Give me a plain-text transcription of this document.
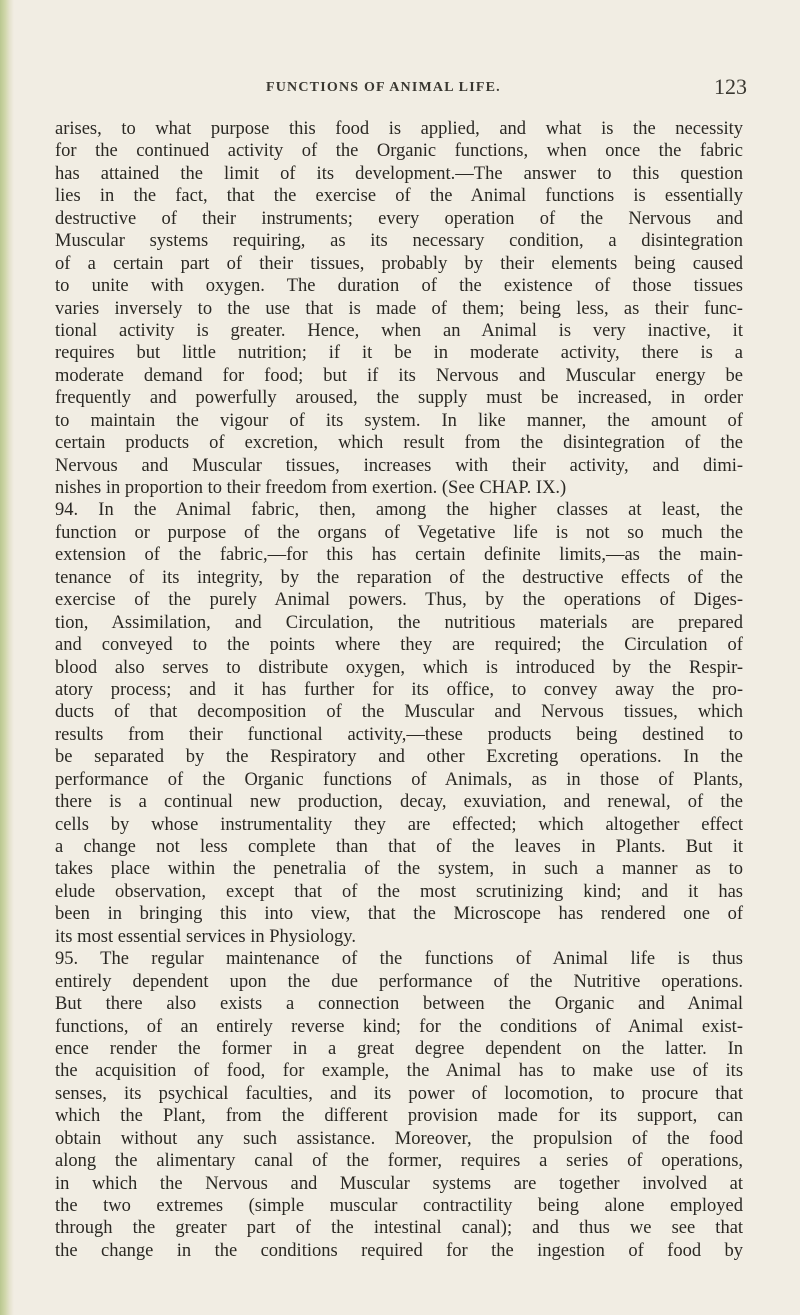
FUNCTIONS OF ANIMAL LIFE.	123
arises, to what purpose this food is applied, and what is the necessity
for the continued activity of the Organic functions, when once the fabric
has attained the limit of its development.—The answer to this question
lies in the fact, that the exercise of the Animal functions is essentially
destructive of their instruments; every operation of the Nervous and
Muscular systems requiring, as its necessary condition, a disintegration
of a certain part of their tissues, probably by their elements being caused
to unite with oxygen. The duration of the existence of those tissues
varies inversely to the use that is made of them; being less, as their func-
tional activity is greater. Hence, when an Animal is very inactive, it
requires but little nutrition; if it be in moderate activity, there is a
moderate demand for food; but if its Nervous and Muscular energy be
frequently and powerfully aroused, the supply must be increased, in order
to maintain the vigour of its system. In like manner, the amount of
certain products of excretion, which result from the disintegration of the
Nervous and Muscular tissues, increases with their activity, and dimi-
nishes in proportion to their freedom from exertion. (See CHAP. IX.)
94. In the Animal fabric, then, among the higher classes at least, the
function or purpose of the organs of Vegetative life is not so much the
extension of the fabric,—for this has certain definite limits,—as the main-
tenance of its integrity, by the reparation of the destructive effects of the
exercise of the purely Animal powers. Thus, by the operations of Diges-
tion, Assimilation, and Circulation, the nutritious materials are prepared
and conveyed to the points where they are required; the Circulation of
blood also serves to distribute oxygen, which is introduced by the Respir-
atory process; and it has further for its office, to convey away the pro-
ducts of that decomposition of the Muscular and Nervous tissues, which
results from their functional activity,—these products being destined to
be separated by the Respiratory and other Excreting operations. In the
performance of the Organic functions of Animals, as in those of Plants,
there is a continual new production, decay, exuviation, and renewal, of the
cells by whose instrumentality they are effected; which altogether effect
a change not less complete than that of the leaves in Plants. But it
takes place within the penetralia of the system, in such a manner as to
elude observation, except that of the most scrutinizing kind; and it has
been in bringing this into view, that the Microscope has rendered one of
its most essential services in Physiology.
95. The regular maintenance of the functions of Animal life is thus
entirely dependent upon the due performance of the Nutritive operations.
But there also exists a connection between the Organic and Animal
functions, of an entirely reverse kind; for the conditions of Animal exist-
ence render the former in a great degree dependent on the latter. In
the acquisition of food, for example, the Animal has to make use of its
senses, its psychical faculties, and its power of locomotion, to procure that
which the Plant, from the different provision made for its support, can
obtain without any such assistance. Moreover, the propulsion of the food
along the alimentary canal of the former, requires a series of operations,
in which the Nervous and Muscular systems are together involved at
the two extremes (simple muscular contractility being alone employed
through the greater part of the intestinal canal); and thus we see that
the change in the conditions required for the ingestion of food by
